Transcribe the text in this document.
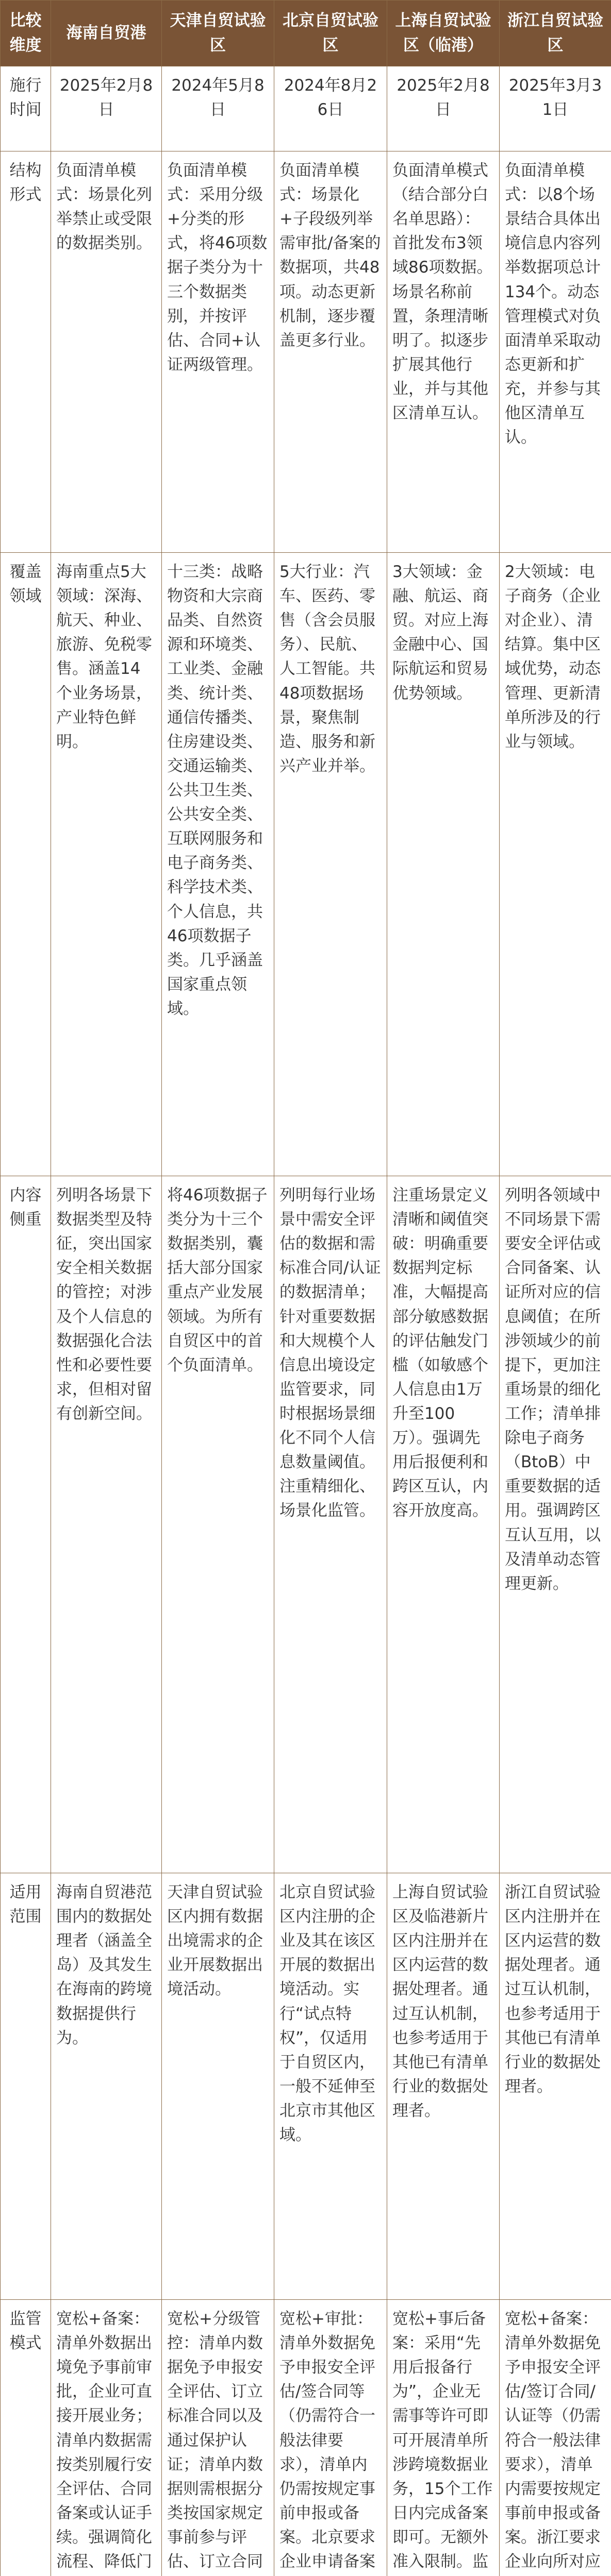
比较维度	海南自贸港	天津自贸试验区	北京自贸试验区	上海自贸试验区（临港）	浙江自贸试验区
施行时间	2025年2月8日	2024年5月8日	2024年8月26日	2025年2月8日	2025年3月31日
结构形式	负面清单模式：场景化列举禁止或受限的数据类别。	负面清单模式：采用分级+分类的形式，将46项数据子类分为十三个数据类别，并按评估、合同+认证两级管理。	负面清单模式：场景化+子段级列举需审批/备案的数据项，共48项。动态更新机制，逐步覆盖更多行业。	负面清单模式（结合部分白名单思路）：首批发布3领域86项数据。场景名称前置，条理清晰明了。拟逐步扩展其他行业，并与其他区清单互认。	负面清单模式：以8个场景结合具体出境信息内容列举数据项总计134个。动态管理模式对负面清单采取动态更新和扩充，并参与其他区清单互认。
覆盖领域	海南重点5大领域：深海、航天、种业、旅游、免税零售。涵盖14个业务场景，产业特色鲜明。	十三类：战略物资和大宗商品类、自然资源和环境类、工业类、金融类、统计类、通信传播类、住房建设类、交通运输类、公共卫生类、公共安全类、互联网服务和电子商务类、科学技术类、个人信息，共46项数据子类。几乎涵盖国家重点领域。	5大行业：汽车、医药、零售（含会员服务）、民航、人工智能。共48项数据场景，聚焦制造、服务和新兴产业并举。	3大领域：金融、航运、商贸。对应上海金融中心、国际航运和贸易优势领域。	2大领域：电子商务（企业对企业）、清结算。集中区域优势，动态管理、更新清单所涉及的行业与领域。
内容侧重	列明各场景下数据类型及特征，突出国家安全相关数据的管控；对涉及个人信息的数据强化合法性和必要性要求，但相对留有创新空间。	将46项数据子类分为十三个数据类别，囊括大部分国家重点产业发展领域。为所有自贸区中的首个负面清单。	列明每行业场景中需安全评估的数据和需标准合同/认证的数据清单；针对重要数据和大规模个人信息出境设定监管要求，同时根据场景细化不同个人信息数量阈值。注重精细化、场景化监管。	注重场景定义清晰和阈值突破：明确重要数据判定标准，大幅提高部分敏感数据的评估触发门槛（如敏感个人信息由1万升至100万）。强调先用后报便利和跨区互认，内容开放度高。	列明各领域中不同场景下需要安全评估或合同备案、认证所对应的信息阈值；在所涉领域少的前提下，更加注重场景的细化工作；清单排除电子商务（BtoB）中重要数据的适用。强调跨区互认互用，以及清单动态管理更新。
适用范围	海南自贸港范围内的数据处理者（涵盖全岛）及其发生在海南的跨境数据提供行为。	天津自贸试验区内拥有数据出境需求的企业开展数据出境活动。	北京自贸试验区内注册的企业及其在该区开展的数据出境活动。实行“试点特权”，仅适用于自贸区内，一般不延伸至北京市其他区域。	上海自贸试验区及临港新片区内注册并在区内运营的数据处理者。通过互认机制，也参考适用于其他已有清单行业的数据处理者。	浙江自贸试验区内注册并在区内运营的数据处理者。通过互认机制，也参考适用于其他已有清单行业的数据处理者。
监管模式	宽松+备案：清单外数据出境免予事前审批，企业可直接开展业务；清单内数据需按类别履行安全评估、合同备案或认证手续。强调简化流程、降低门	宽松+分级管控：清单内数据免予申报安全评估、订立标准合同以及通过保护认证；清单内数据则需根据分类按国家规定事前参与评估、订立合同	宽松+审批：清单外数据免予申报安全评估/签合同等（仍需符合一般法律要求），清单内仍需按规定事前申报或备案。北京要求企业申请备案	宽松+事后备案：采用“先用后报备行为”，企业无需事等许可即可开展清单所涉跨境数据业务，15个工作日内完成备案即可。无额外准入限制。监	宽松+备案：清单外数据免予申报安全评估/签订合同/认证等（仍需符合一般法律要求），清单内需要按规定事前申报或备案。浙江要求企业向所对应
